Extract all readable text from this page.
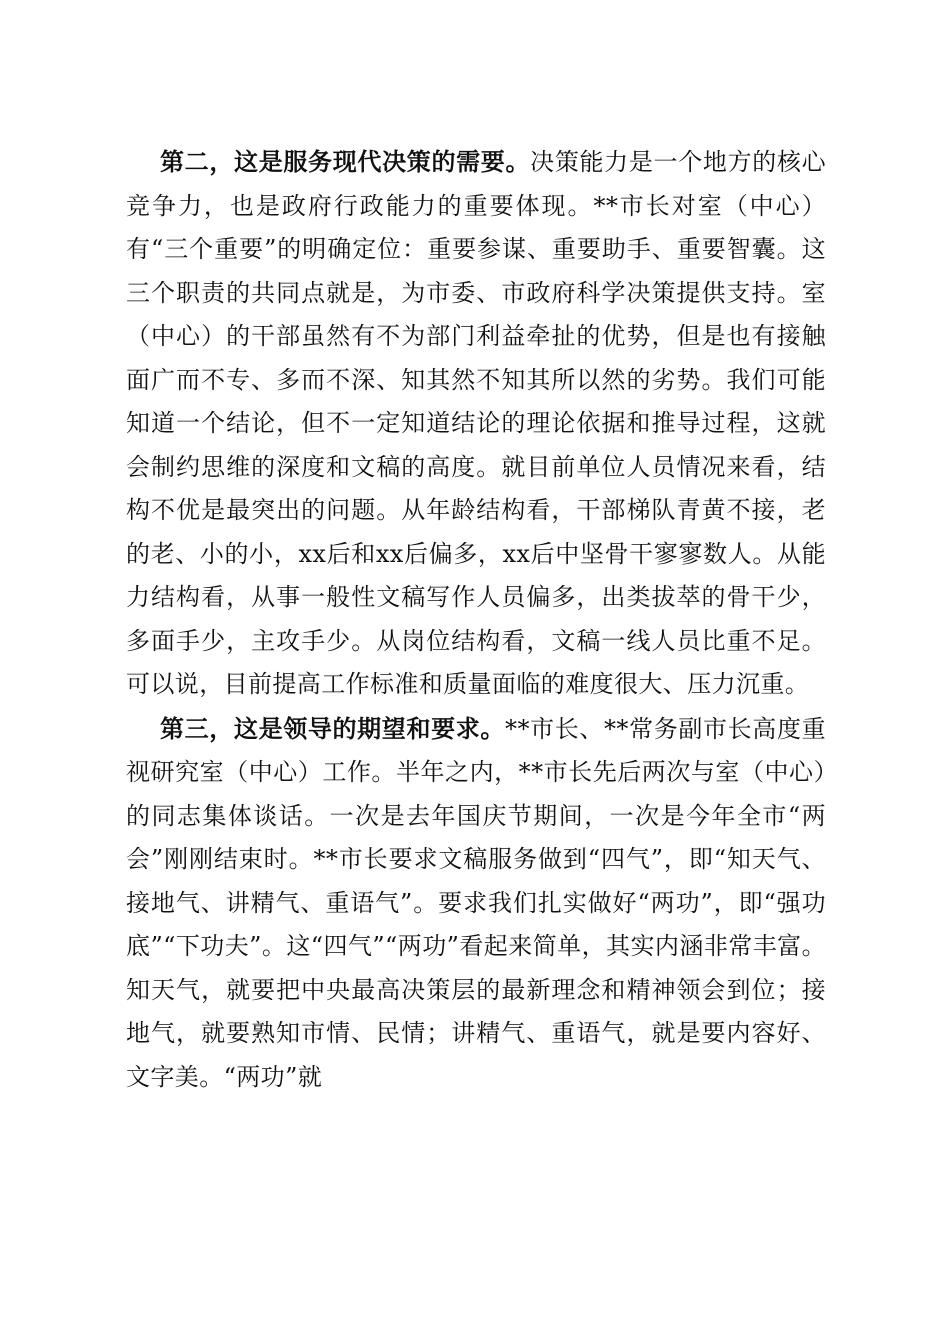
第二，这是服务现代决策的需要。决策能力是一个地方的核心竞争力，也是政府行政能力的重要体现。**市长对室（中心）有“三个重要”的明确定位：重要参谋、重要助手、重要智囊。这三个职责的共同点就是，为市委、市政府科学决策提供支持。室（中心）的干部虽然有不为部门利益牵扯的优势，但是也有接触面广而不专、多而不深、知其然不知其所以然的劣势。我们可能知道一个结论，但不一定知道结论的理论依据和推导过程，这就会制约思维的深度和文稿的高度。就目前单位人员情况来看，结构不优是最突出的问题。从年龄结构看，干部梯队青黄不接，老的老、小的小，xx后和xx后偏多，xx后中坚骨干寥寥数人。从能力结构看，从事一般性文稿写作人员偏多，出类拔萃的骨干少，多面手少，主攻手少。从岗位结构看，文稿一线人员比重不足。可以说，目前提高工作标准和质量面临的难度很大、压力沉重。

第三，这是领导的期望和要求。**市长、**常务副市长高度重视研究室（中心）工作。半年之内，**市长先后两次与室（中心）的同志集体谈话。一次是去年国庆节期间，一次是今年全市“两会”刚刚结束时。**市长要求文稿服务做到“四气”，即“知天气、接地气、讲精气、重语气”。要求我们扎实做好“两功”，即“强功底”“下功夫”。这“四气”“两功”看起来简单，其实内涵非常丰富。知天气，就要把中央最高决策层的最新理念和精神领会到位；接地气，就要熟知市情、民情；讲精气、重语气，就是要内容好、文字美。“两功”就
